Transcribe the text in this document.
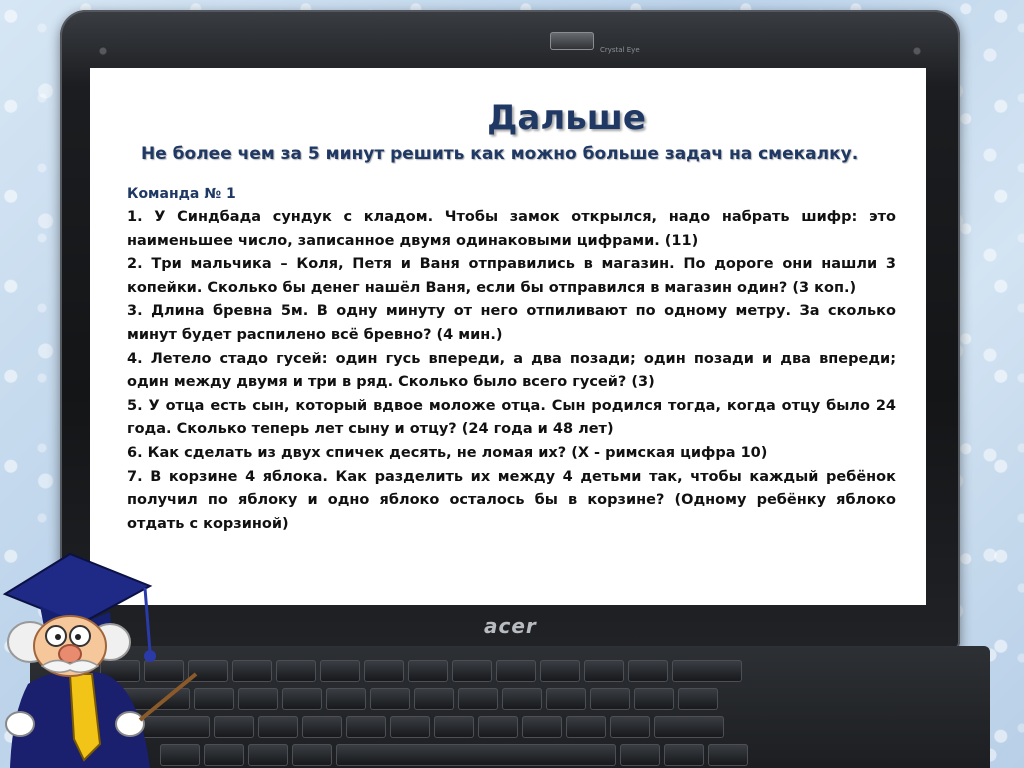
Crystal Eye
acer
Дальше
Не более чем за 5 минут решить как можно больше задач на смекалку.
Команда № 1
1. У Синдбада сундук с кладом. Чтобы замок открылся, надо набрать шифр: это наименьшее число, записанное двумя одинаковыми цифрами. (11)
2. Три мальчика – Коля, Петя и Ваня отправились в магазин. По дороге они нашли 3 копейки. Сколько бы денег нашёл Ваня, если бы отправился в магазин один? (3 коп.)
3. Длина бревна 5м. В одну минуту от него отпиливают по одному метру. За сколько минут будет распилено всё бревно? (4 мин.)
4. Летело стадо гусей: один гусь впереди, а два позади; один позади и два впереди; один между двумя и три в ряд. Сколько было всего гусей? (3)
5. У отца есть сын, который вдвое моложе отца. Сын родился тогда, когда отцу было 24 года. Сколько теперь лет сыну и отцу? (24 года и 48 лет)
6. Как сделать из двух спичек десять, не ломая их? (Х - римская цифра 10)
7. В корзине 4 яблока. Как разделить их между 4 детьми так, чтобы каждый ребёнок получил по яблоку и одно яблоко осталось бы в корзине? (Одному ребёнку яблоко отдать с корзиной)
